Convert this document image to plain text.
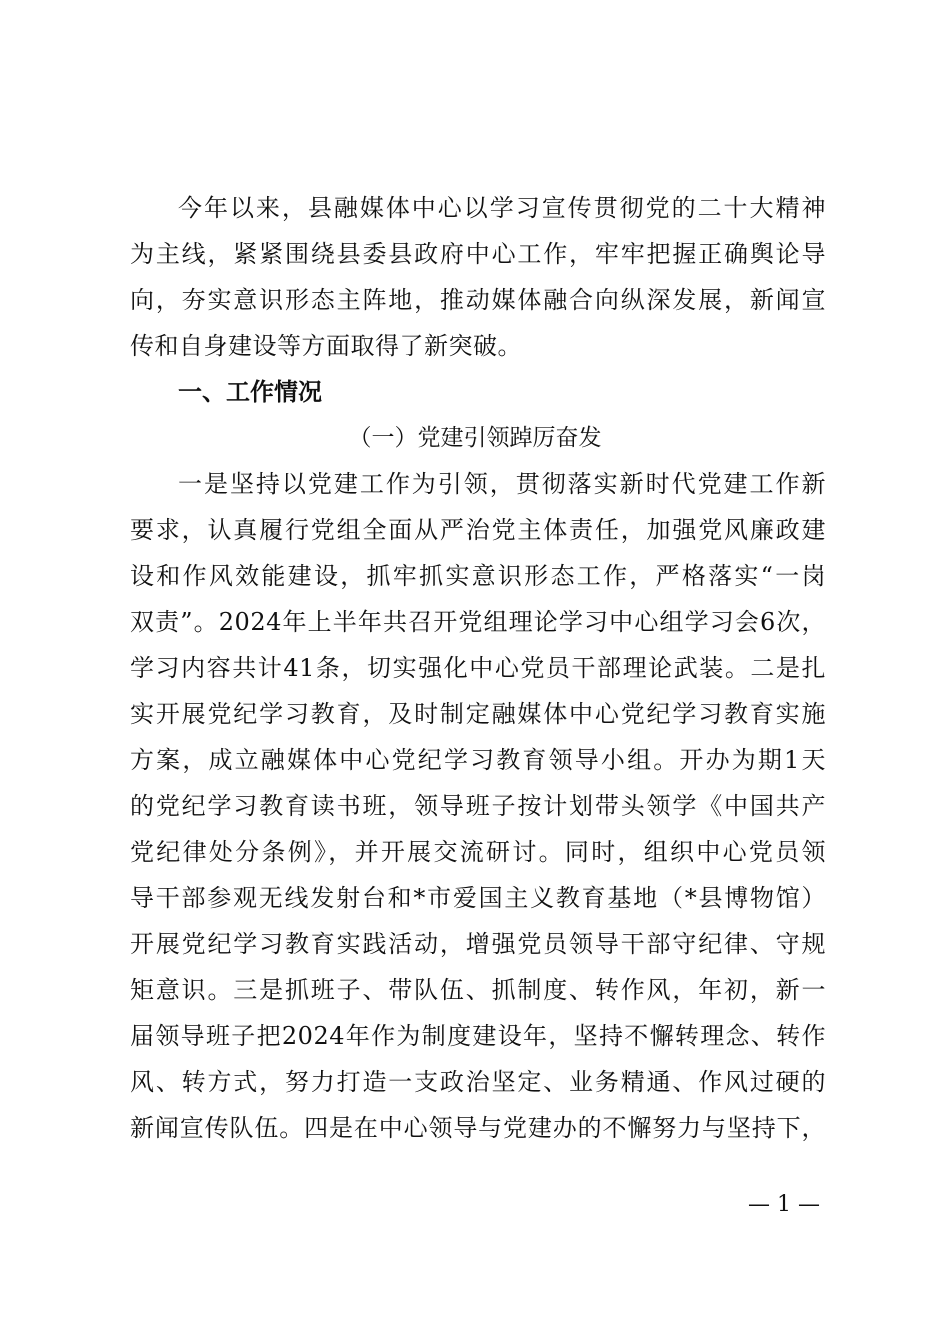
今年以来，县融媒体中心以学习宣传贯彻党的二十大精神
为主线，紧紧围绕县委县政府中心工作，牢牢把握正确舆论导
向，夯实意识形态主阵地，推动媒体融合向纵深发展，新闻宣
传和自身建设等方面取得了新突破。
一、工作情况
（一）党建引领踔厉奋发
一是坚持以党建工作为引领，贯彻落实新时代党建工作新
要求，认真履行党组全面从严治党主体责任，加强党风廉政建
设和作风效能建设，抓牢抓实意识形态工作，严格落实“一岗
双责”。2024年上半年共召开党组理论学习中心组学习会6次，
学习内容共计41条，切实强化中心党员干部理论武装。二是扎
实开展党纪学习教育，及时制定融媒体中心党纪学习教育实施
方案，成立融媒体中心党纪学习教育领导小组。开办为期1天
的党纪学习教育读书班，领导班子按计划带头领学《中国共产
党纪律处分条例》，并开展交流研讨。同时，组织中心党员领
导干部参观无线发射台和*市爱国主义教育基地（*县博物馆）
开展党纪学习教育实践活动，增强党员领导干部守纪律、守规
矩意识。三是抓班子、带队伍、抓制度、转作风，年初，新一
届领导班子把2024年作为制度建设年，坚持不懈转理念、转作
风、转方式，努力打造一支政治坚定、业务精通、作风过硬的
新闻宣传队伍。四是在中心领导与党建办的不懈努力与坚持下，
— 1 —
